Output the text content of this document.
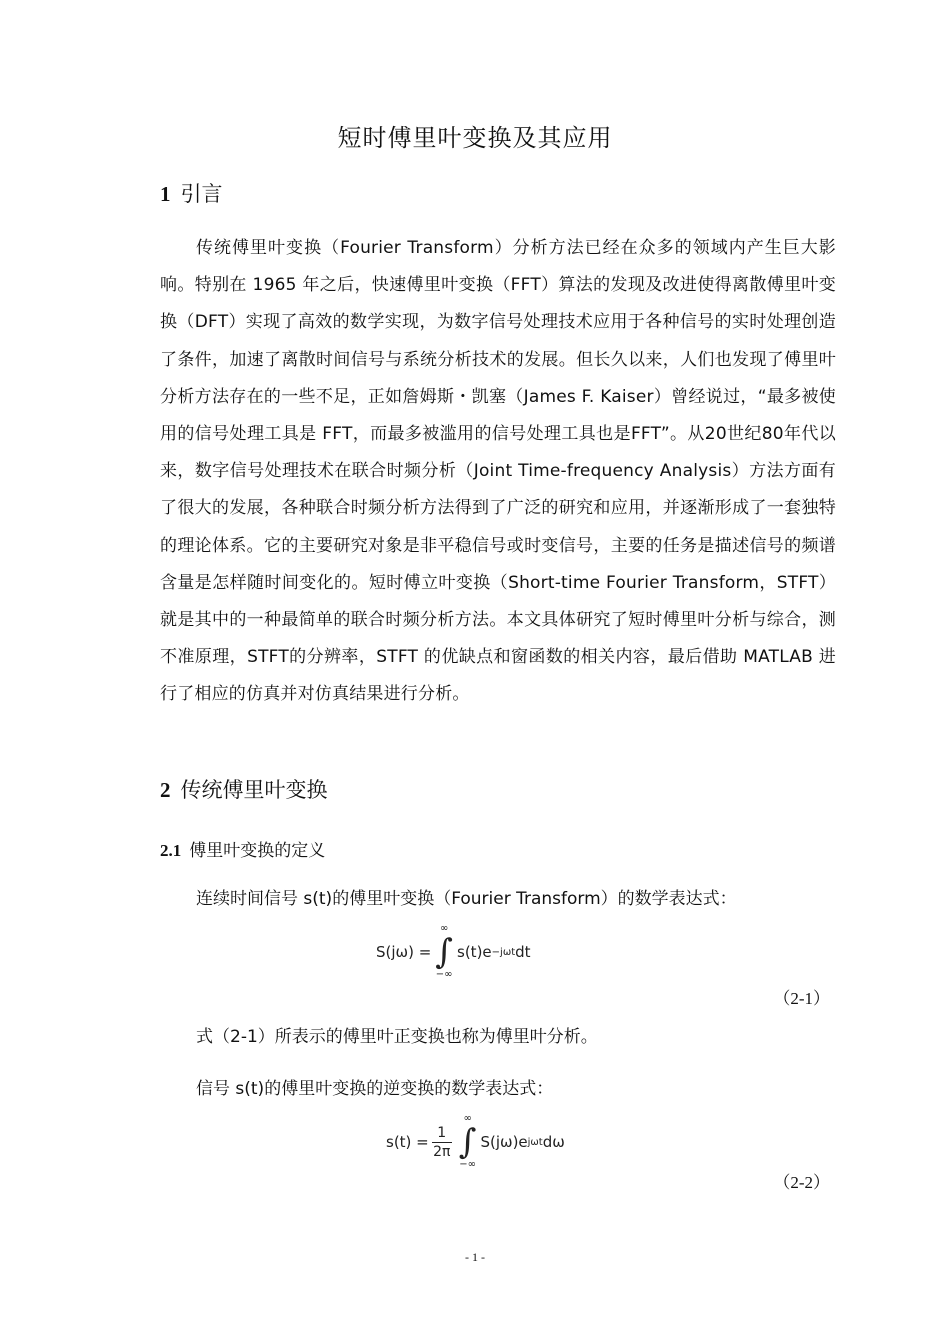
短时傅里叶变换及其应用
1 引言

传统傅里叶变换（Fourier Transform）分析方法已经在众多的领域内产生巨大影响。特别在 1965 年之后，快速傅里叶变换（FFT）算法的发现及改进使得离散傅里叶变换（DFT）实现了高效的数学实现，为数字信号处理技术应用于各种信号的实时处理创造了条件，加速了离散时间信号与系统分析技术的发展。但长久以来，人们也发现了傅里叶分析方法存在的一些不足，正如詹姆斯・凯塞（James F. Kaiser）曾经说过，“最多被使用的信号处理工具是 FFT，而最多被滥用的信号处理工具也是FFT”。从20世纪80年代以来，数字信号处理技术在联合时频分析（Joint Time-frequency Analysis）方法方面有了很大的发展，各种联合时频分析方法得到了广泛的研究和应用，并逐渐形成了一套独特的理论体系。它的主要研究对象是非平稳信号或时变信号，主要的任务是描述信号的频谱含量是怎样随时间变化的。短时傅立叶变换（Short-time Fourier Transform，STFT）就是其中的一种最简单的联合时频分析方法。本文具体研究了短时傅里叶分析与综合，测不准原理，STFT的分辨率，STFT 的优缺点和窗函数的相关内容，最后借助 MATLAB 进行了相应的仿真并对仿真结果进行分析。

2 传统傅里叶变换
2.1 傅里叶变换的定义

连续时间信号 s(t)的傅里叶变换（Fourier Transform）的数学表达式：

S(jω) =
∞
∫
−∞
s(t)e −jωt dt
（2-1）

式（2-1）所表示的傅里叶正变换也称为傅里叶分析。

信号 s(t)的傅里叶变换的逆变换的数学表达式：

$s(t) = \frac{1}{2\pi}$
∞
∫
−∞
S(jω)e jωt dω
（2-2）
- 1 -
